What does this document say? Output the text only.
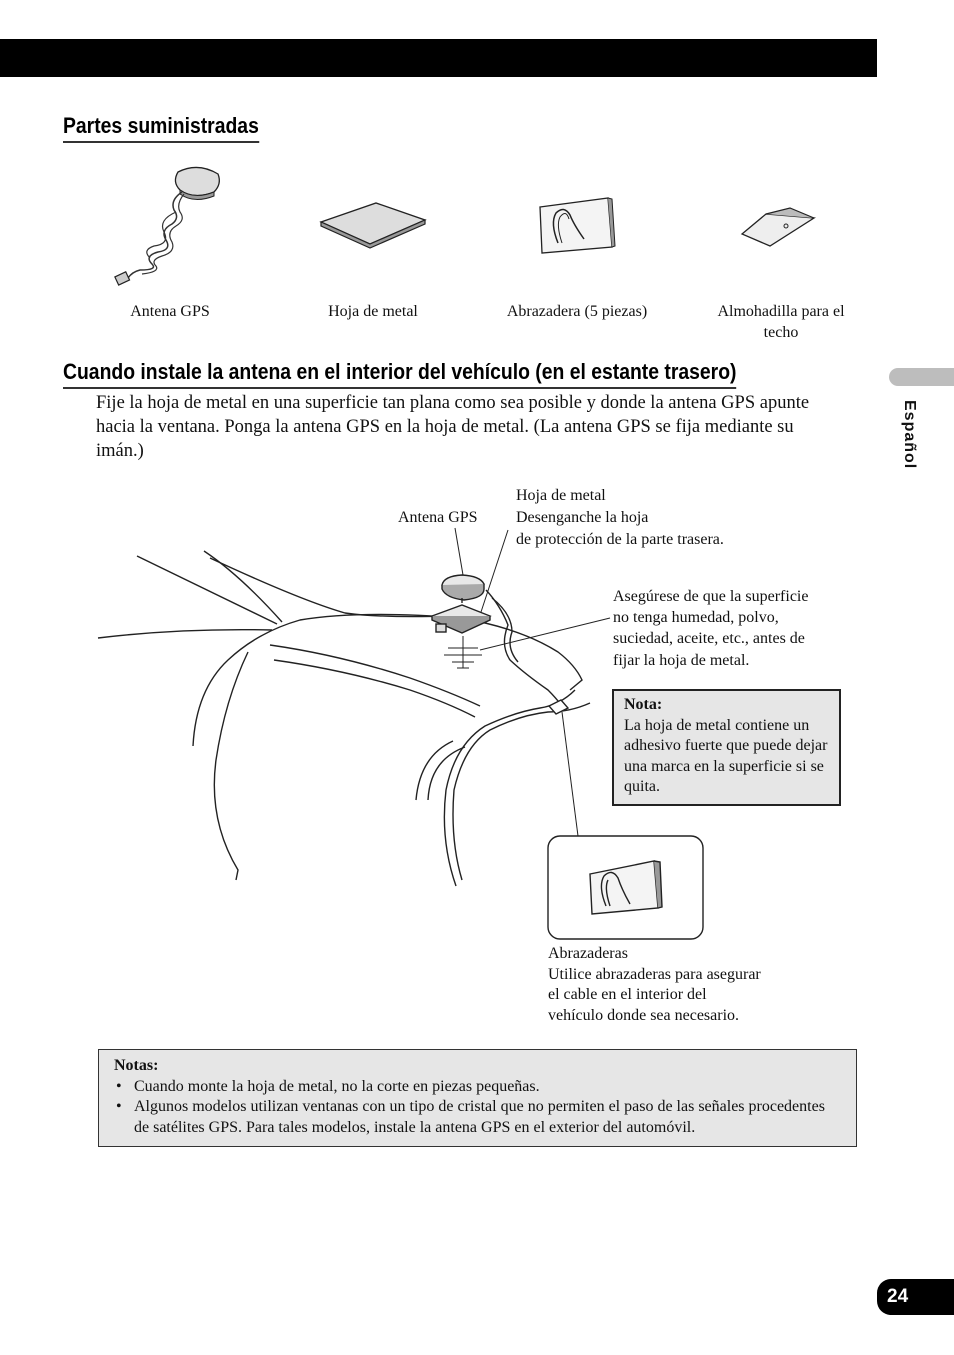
Partes suministradas
Antena GPS	Hoja de metal	Abrazadera (5 piezas)	Almohadilla para el techo
Cuando instale la antena en el interior del vehículo (en el estante trasero)
Fije la hoja de metal en una superficie tan plana como sea posible y donde la antena GPS apunte hacia la ventana. Ponga la antena GPS en la hoja de metal. (La antena GPS se fija mediante su imán.)
Antena GPS
Hoja de metal
Desenganche la hoja
de protección de la parte trasera.
Asegúrese de que la superficie
no tenga humedad, polvo,
suciedad, aceite, etc., antes de
fijar la hoja de metal.
Nota:
La hoja de metal contiene un adhesivo fuerte que puede dejar una marca en la superficie si se quita.
Abrazaderas
Utilice abrazaderas para asegurar
el cable en el interior del
vehículo donde sea necesario.
Notas:
• Cuando monte la hoja de metal, no la corte en piezas pequeñas.
• Algunos modelos utilizan ventanas con un tipo de cristal que no permiten el paso de las señales procedentes de satélites GPS. Para tales modelos, instale la antena GPS en el exterior del automóvil.
Español
24
